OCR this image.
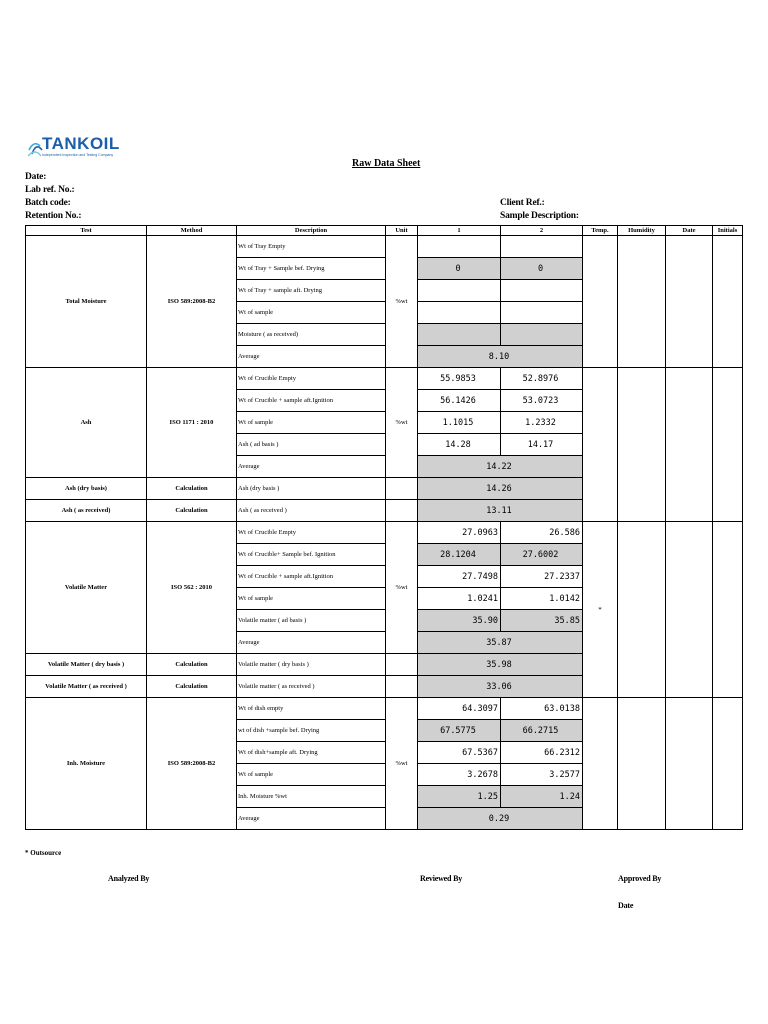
TANKOIL
Independent Inspection and Testing Company
Raw Data Sheet
Date:
Lab ref. No.:
Batch code:
Retention No.:
Client Ref.:
Sample Description:
Test	Method	Description	Unit	1	2	Temp.	Humidity	Date	Initials
Total Moisture	ISO 589:2008-B2	Wt of Tray Empty	%wt						
		Wt of Tray + Sample bef. Drying		0	0				
		Wt of Tray + sample aft. Drying							
		Wt of sample							
		Moisture ( as received)							
		Average		8.10					
Ash	ISO 1171 : 2010	Wt of Crucible Empty	%wt	55.9853	52.8976				
		Wt of Crucible + sample aft.Ignition		56.1426	53.0723				
		Wt of sample		1.1015	1.2332				
		Ash ( ad basis )		14.28	14.17				
		Average		14.22					
Ash (dry basis)	Calculation	Ash (dry basis )		14.26					
Ash ( as received)	Calculation	Ash ( as received )		13.11					
Volatile Matter	ISO 562 : 2010	Wt of Crucible Empty	%wt	27.0963	26.586	*			
		Wt of Crucible+ Sample bef. Ignition		28.1204	27.6002				
		Wt of Crucible + sample aft.Ignition		27.7498	27.2337				
		Wt of sample		1.0241	1.0142				
		Volatile matter ( ad basis )		35.90	35.85				
		Average		35.87					
Volatile Matter ( dry basis )	Calculation	Volatile matter ( dry basis )		35.98					
Volatile Matter ( as received )	Calculation	Volatile matter ( as received )		33.06					
Inh. Moisture	ISO 589:2008-B2	Wt of dish empty	%wt	64.3097	63.0138				
		wt of dish +sample bef. Drying		67.5775	66.2715				
		Wt of dish+sample aft. Drying		67.5367	66.2312				
		Wt of sample		3.2678	3.2577				
		Inh. Moisture %wt		1.25	1.24				
		Average		0.29					
* Outsource
Analyzed By	Reviewed By	Approved By
Date
